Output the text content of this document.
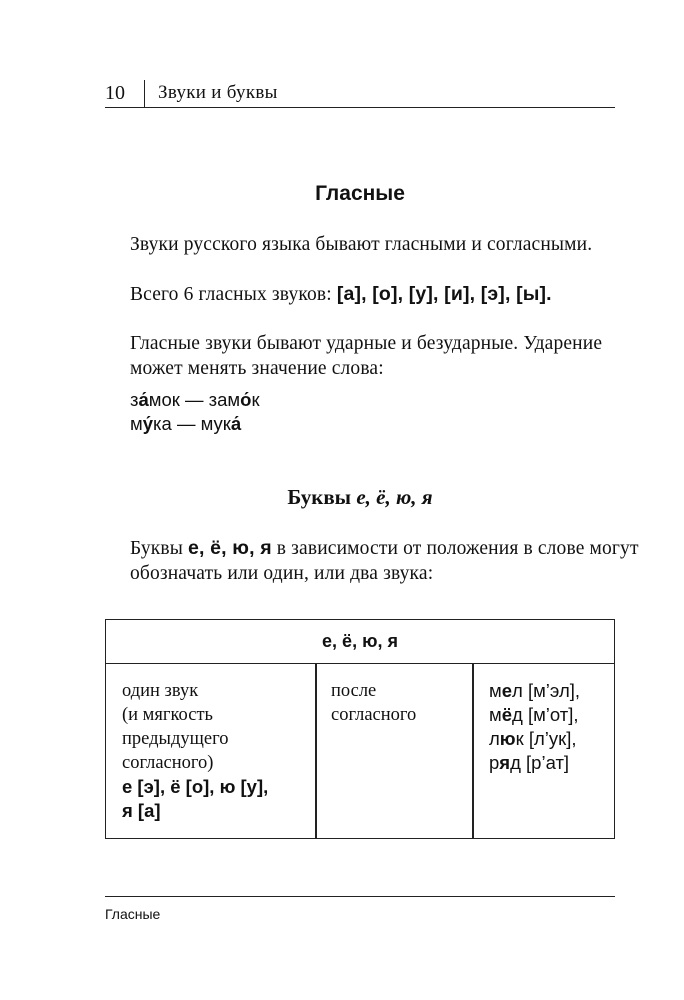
10 Звуки и буквы
Гласные
Звуки русского языка бывают гласными и согласными.
Всего 6 гласных звуков: [а], [о], [у], [и], [э], [ы].
Гласные звуки бывают ударные и безударные. Ударение может менять значение слова:
за́мок — замо́к
му́ка — мука́
Буквы е, ё, ю, я
Буквы е, ё, ю, я в зависимости от положения в слове могут обозначать или один, или два звука:
е, ё, ю, я
один звук
(и мягкость
предыдущего
согласного)
е [э], ё [о], ю [у],
я [а]
после
согласного
мел [м’эл],
мёд [м’от],
люк [л’ук],
ряд [р’ат]
Гласные
